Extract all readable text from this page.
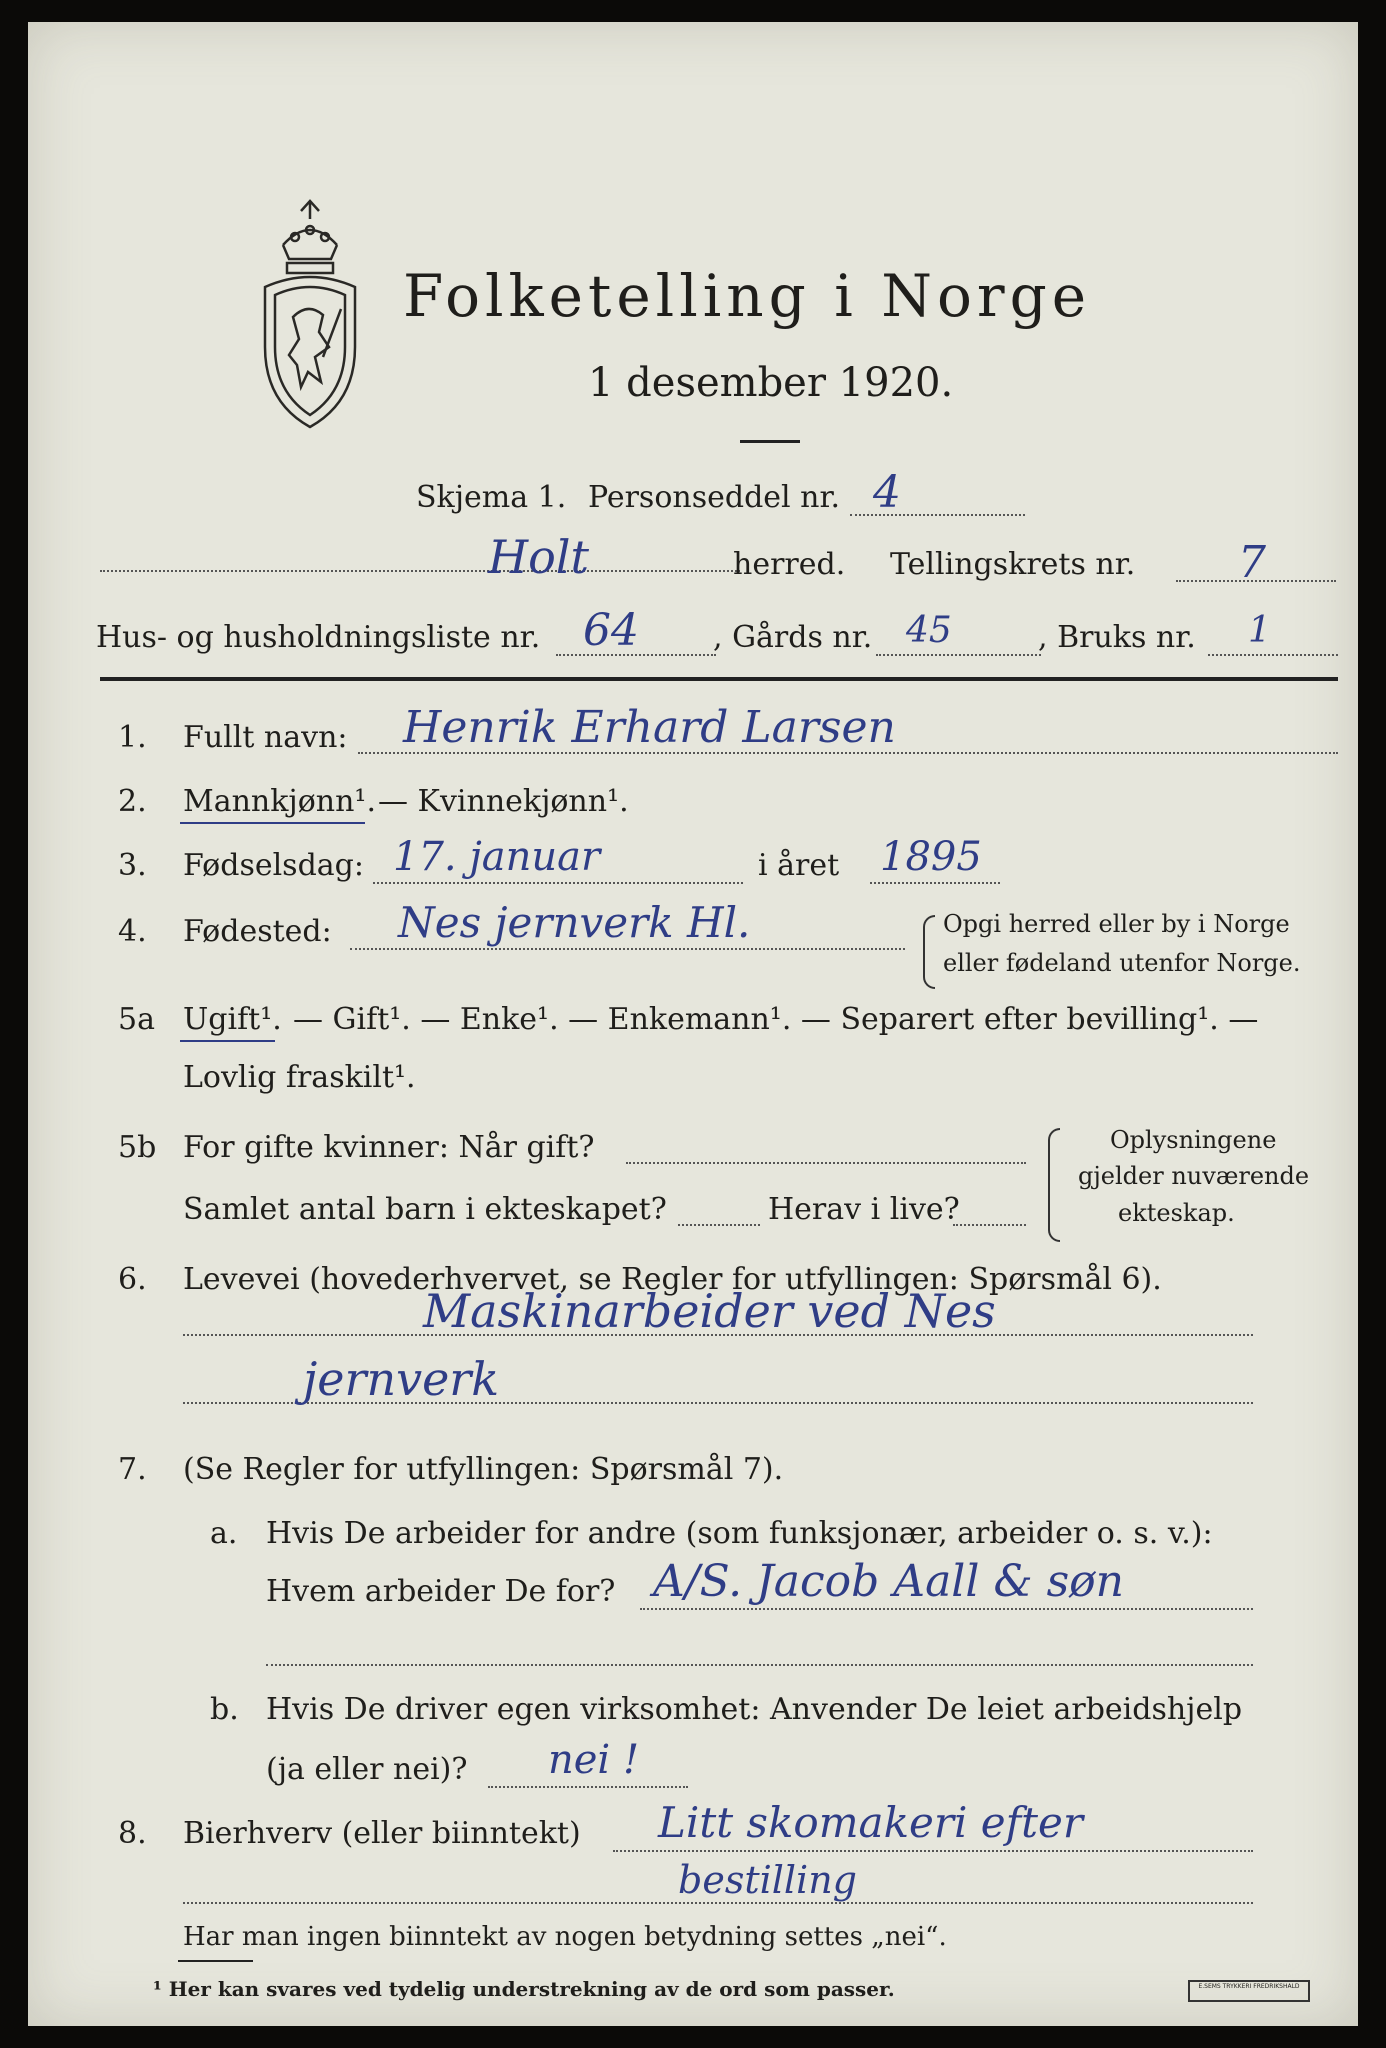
Folketelling i Norge
1 desember 1920.
Skjema 1. Personseddel nr. 4
Holt	herred. Tellingskrets nr. 7
Hus- og husholdningsliste nr. 64 , Gårds nr. 45	, Bruks nr. 1
1. Fullt navn: Henrik Erhard Larsen
2. Mannkjønn¹. — Kvinnekjønn¹.
3. Fødselsdag: 17. januar	i året 1895
4. Fødested: Nes jernverk Hl.	Opgi herred eller by i Norge
eller fødeland utenfor Norge.
5a Ugift¹. — Gift¹. — Enke¹. — Enkemann¹. — Separert efter bevilling¹. —
Lovlig fraskilt¹.
5b For gifte kvinner: Når gift?
Samlet antal barn i ekteskapet?	Herav i live?
Oplysningene
gjelder nuværende
ekteskap.
6. Levevei (hovederhvervet, se Regler for utfyllingen: Spørsmål 6).
Maskinarbeider ved Nes
jernverk
7. (Se Regler for utfyllingen: Spørsmål 7).
a. Hvis De arbeider for andre (som funksjonær, arbeider o. s. v.):
Hvem arbeider De for? A/S. Jacob Aall & søn
b. Hvis De driver egen virksomhet: Anvender De leiet arbeidshjelp
(ja eller nei)? nei !
8. Bierhverv (eller biinntekt) Litt skomakeri efter
bestilling
Har man ingen biinntekt av nogen betydning settes „nei“.
¹ Her kan svares ved tydelig understrekning av de ord som passer.	E.SEMS TRYKKERI FREDRIKSHALD
